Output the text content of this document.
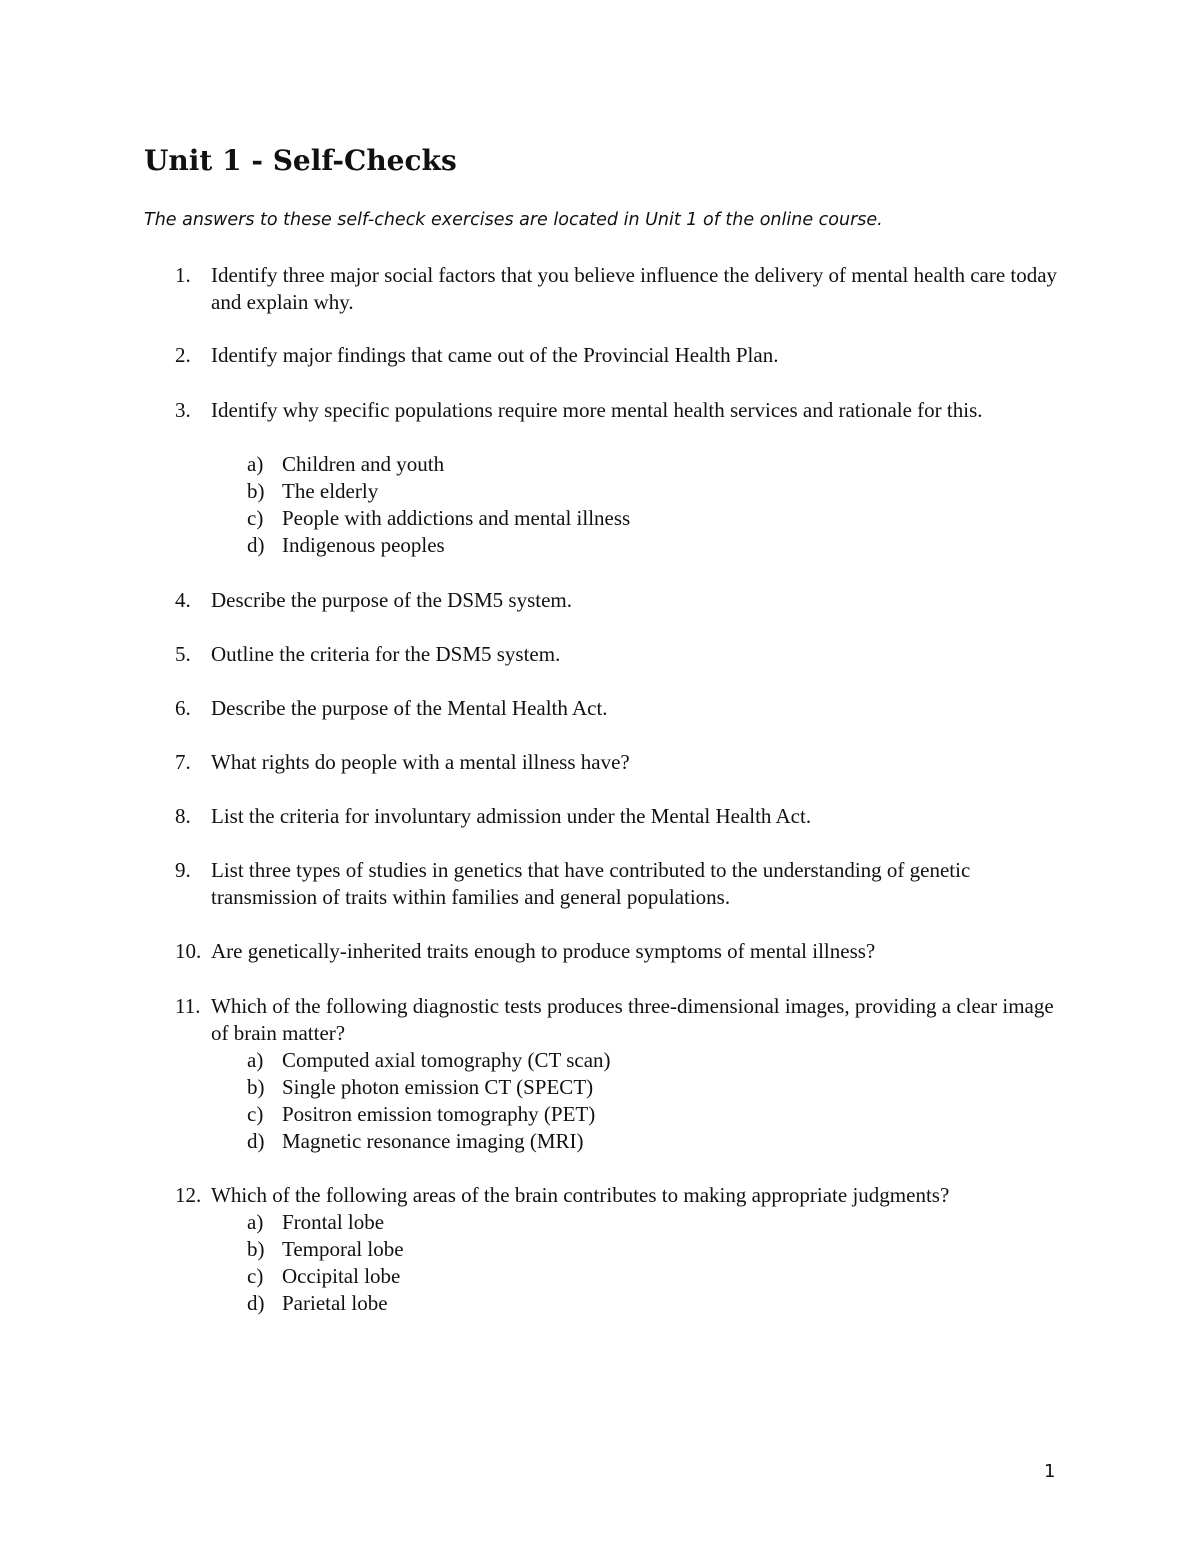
Unit 1 - Self-Checks
The answers to these self-check exercises are located in Unit 1 of the online course.
1. Identify three major social factors that you believe influence the delivery of mental health care today and explain why.
2. Identify major findings that came out of the Provincial Health Plan.
3. Identify why specific populations require more mental health services and rationale for this.
a) Children and youth
b) The elderly
c) People with addictions and mental illness
d) Indigenous peoples
4. Describe the purpose of the DSM5 system.
5. Outline the criteria for the DSM5 system.
6. Describe the purpose of the Mental Health Act.
7. What rights do people with a mental illness have?
8. List the criteria for involuntary admission under the Mental Health Act.
9. List three types of studies in genetics that have contributed to the understanding of genetic transmission of traits within families and general populations.
10. Are genetically-inherited traits enough to produce symptoms of mental illness?
11. Which of the following diagnostic tests produces three-dimensional images, providing a clear image of brain matter?
a) Computed axial tomography (CT scan)
b) Single photon emission CT (SPECT)
c) Positron emission tomography (PET)
d) Magnetic resonance imaging (MRI)
12. Which of the following areas of the brain contributes to making appropriate judgments?
a) Frontal lobe
b) Temporal lobe
c) Occipital lobe
d) Parietal lobe
1
